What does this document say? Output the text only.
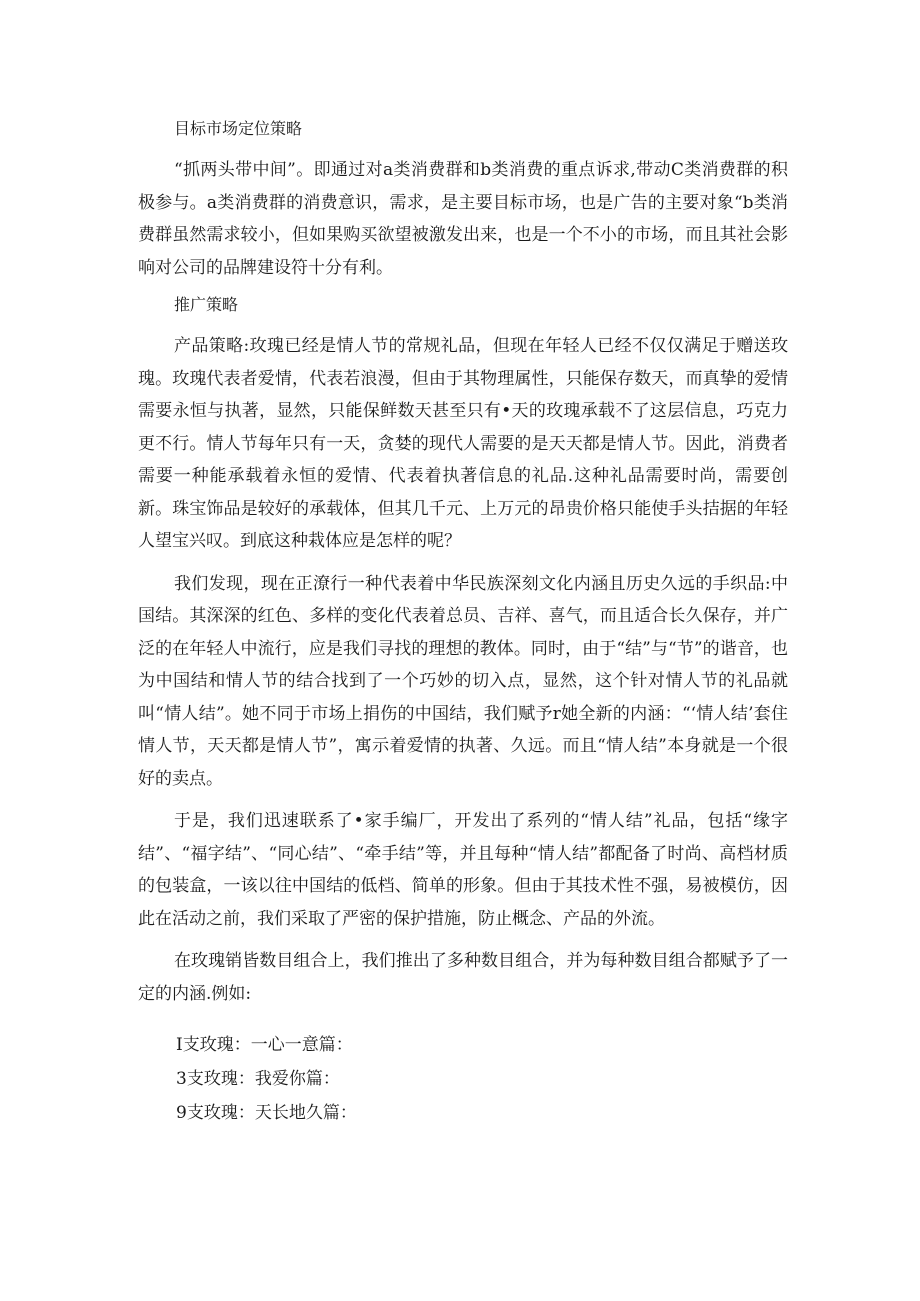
目标市场定位策略

“抓两头带中间”。即通过对a类消费群和b类消费的重点诉求,带动C类消费群的积极参与。a类消费群的消费意识，需求，是主要目标市场，也是广告的主要对象“b类消费群虽然需求较小，但如果购买欲望被激发出来，也是一个不小的市场，而且其社会影响对公司的品牌建设符十分有利。

推广策略

产品策略:玫瑰已经是情人节的常规礼品，但现在年轻人已经不仅仅满足于赠送玫瑰。玫瑰代表者爱情，代表若浪漫，但由于其物理属性，只能保存数天，而真挚的爱情需要永恒与执著，显然，只能保鲜数天甚至只有•天的玫瑰承载不了这层信息，巧克力更不行。情人节每年只有一天，贪婪的现代人需要的是天天都是情人节。因此，消费者需要一种能承载着永恒的爱情、代表着执著信息的礼品.这种礼品需要时尚，需要创新。珠宝饰品是较好的承载体，但其几千元、上万元的昂贵价格只能使手头拮据的年轻人望宝兴叹。到底这种栽体应是怎样的呢？

我们发现，现在正潦行一种代表着中华民族深刻文化内涵且历史久远的手织品:中国结。其深深的红色、多样的变化代表着总员、吉祥、喜气，而且适合长久保存，并广泛的在年轻人中流行，应是我们寻找的理想的教体。同时，由于“结”与“节”的谐音，也为中国结和情人节的结合找到了一个巧妙的切入点，显然，这个针对情人节的礼品就叫“情人结”。她不同于市场上捐伤的中国结，我们赋予r她全新的内涵：“‘情人结’套住情人节，天天都是情人节”，寓示着爱情的执著、久远。而且“情人结”本身就是一个很好的卖点。

于是，我们迅速联系了•家手编厂，开发出了系列的“情人结”礼品，包括“缘字结”、“福字结”、“同心结”、“牵手结”等，并且每种“情人结”都配备了时尚、高档材质的包装盒，一该以往中国结的低档、简单的形象。但由于其技术性不强，易被模仿，因此在活动之前，我们采取了严密的保护措施，防止概念、产品的外流。

在玫瑰销皆数目组合上，我们推出了多种数目组合，并为每种数目组合都赋予了一定的内涵.例如:

I支玫瑰：一心一意篇：

3支玫瑰：我爱你篇：

9支玫瑰：天长地久篇：
